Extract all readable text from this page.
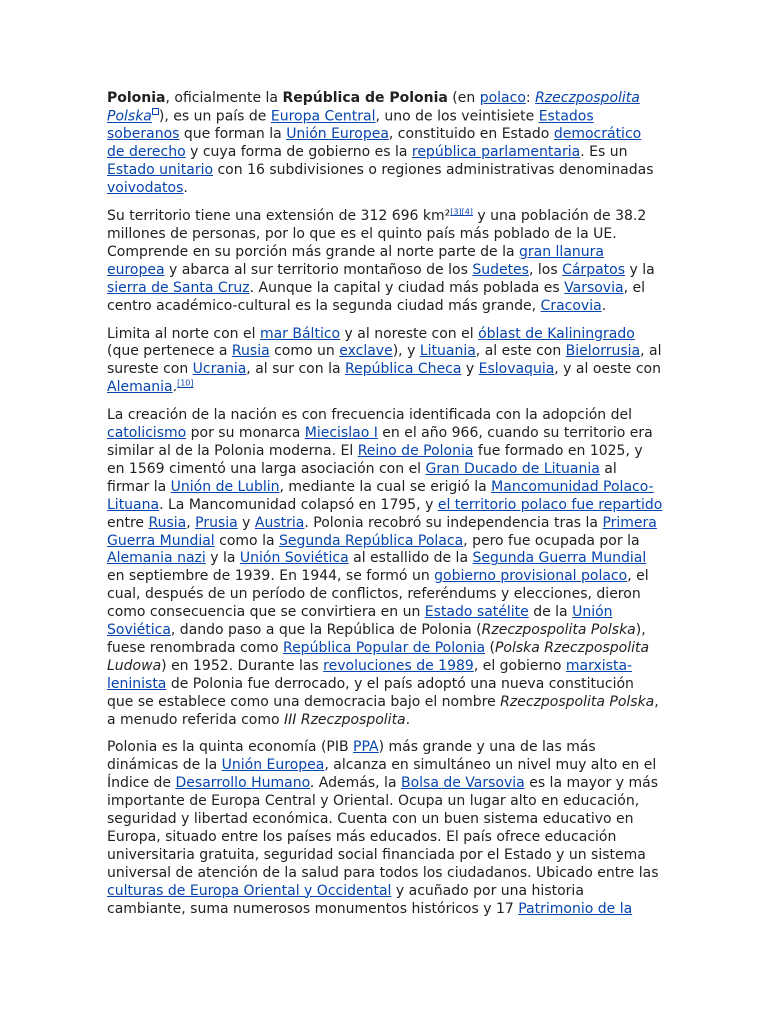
Polonia, oficialmente la República de Polonia (en polaco: Rzeczpospolita Polska ), es un país de Europa Central, uno de los veintisiete Estados soberanos que forman la Unión Europea, constituido en Estado democrático de derecho y cuya forma de gobierno es la república parlamentaria. Es un Estado unitario con 16 subdivisiones o regiones administrativas denominadas voivodatos.

Su territorio tiene una extensión de 312 696 km²[3][4] y una población de 38.2 millones de personas, por lo que es el quinto país más poblado de la UE. Comprende en su porción más grande al norte parte de la gran llanura europea y abarca al sur territorio montañoso de los Sudetes, los Cárpatos y la sierra de Santa Cruz. Aunque la capital y ciudad más poblada es Varsovia, el centro académico-cultural es la segunda ciudad más grande, Cracovia.

Limita al norte con el mar Báltico y al noreste con el óblast de Kaliningrado (que pertenece a Rusia como un exclave), y Lituania, al este con Bielorrusia, al sureste con Ucrania, al sur con la República Checa y Eslovaquia, y al oeste con Alemania.[10]

La creación de la nación es con frecuencia identificada con la adopción del catolicismo por su monarca Miecislao I en el año 966, cuando su territorio era similar al de la Polonia moderna. El Reino de Polonia fue formado en 1025, y en 1569 cimentó una larga asociación con el Gran Ducado de Lituania al firmar la Unión de Lublin, mediante la cual se erigió la Mancomunidad Polaco-Lituana. La Mancomunidad colapsó en 1795, y el territorio polaco fue repartido entre Rusia, Prusia y Austria. Polonia recobró su independencia tras la Primera Guerra Mundial como la Segunda República Polaca, pero fue ocupada por la Alemania nazi y la Unión Soviética al estallido de la Segunda Guerra Mundial en septiembre de 1939. En 1944, se formó un gobierno provisional polaco, el cual, después de un período de conflictos, referéndums y elecciones, dieron como consecuencia que se convirtiera en un Estado satélite de la Unión Soviética, dando paso a que la República de Polonia (Rzeczpospolita Polska), fuese renombrada como República Popular de Polonia (Polska Rzeczpospolita Ludowa) en 1952. Durante las revoluciones de 1989, el gobierno marxista-leninista de Polonia fue derrocado, y el país adoptó una nueva constitución que se establece como una democracia bajo el nombre Rzeczpospolita Polska, a menudo referida como III Rzeczpospolita.

Polonia es la quinta economía (PIB PPA) más grande y una de las más dinámicas de la Unión Europea, alcanza en simultáneo un nivel muy alto en el Índice de Desarrollo Humano. Además, la Bolsa de Varsovia es la mayor y más importante de Europa Central y Oriental. Ocupa un lugar alto en educación, seguridad y libertad económica. Cuenta con un buen sistema educativo en Europa, situado entre los países más educados. El país ofrece educación universitaria gratuita, seguridad social financiada por el Estado y un sistema universal de atención de la salud para todos los ciudadanos. Ubicado entre las culturas de Europa Oriental y Occidental y acuñado por una historia cambiante, suma numerosos monumentos históricos y 17 Patrimonio de la
